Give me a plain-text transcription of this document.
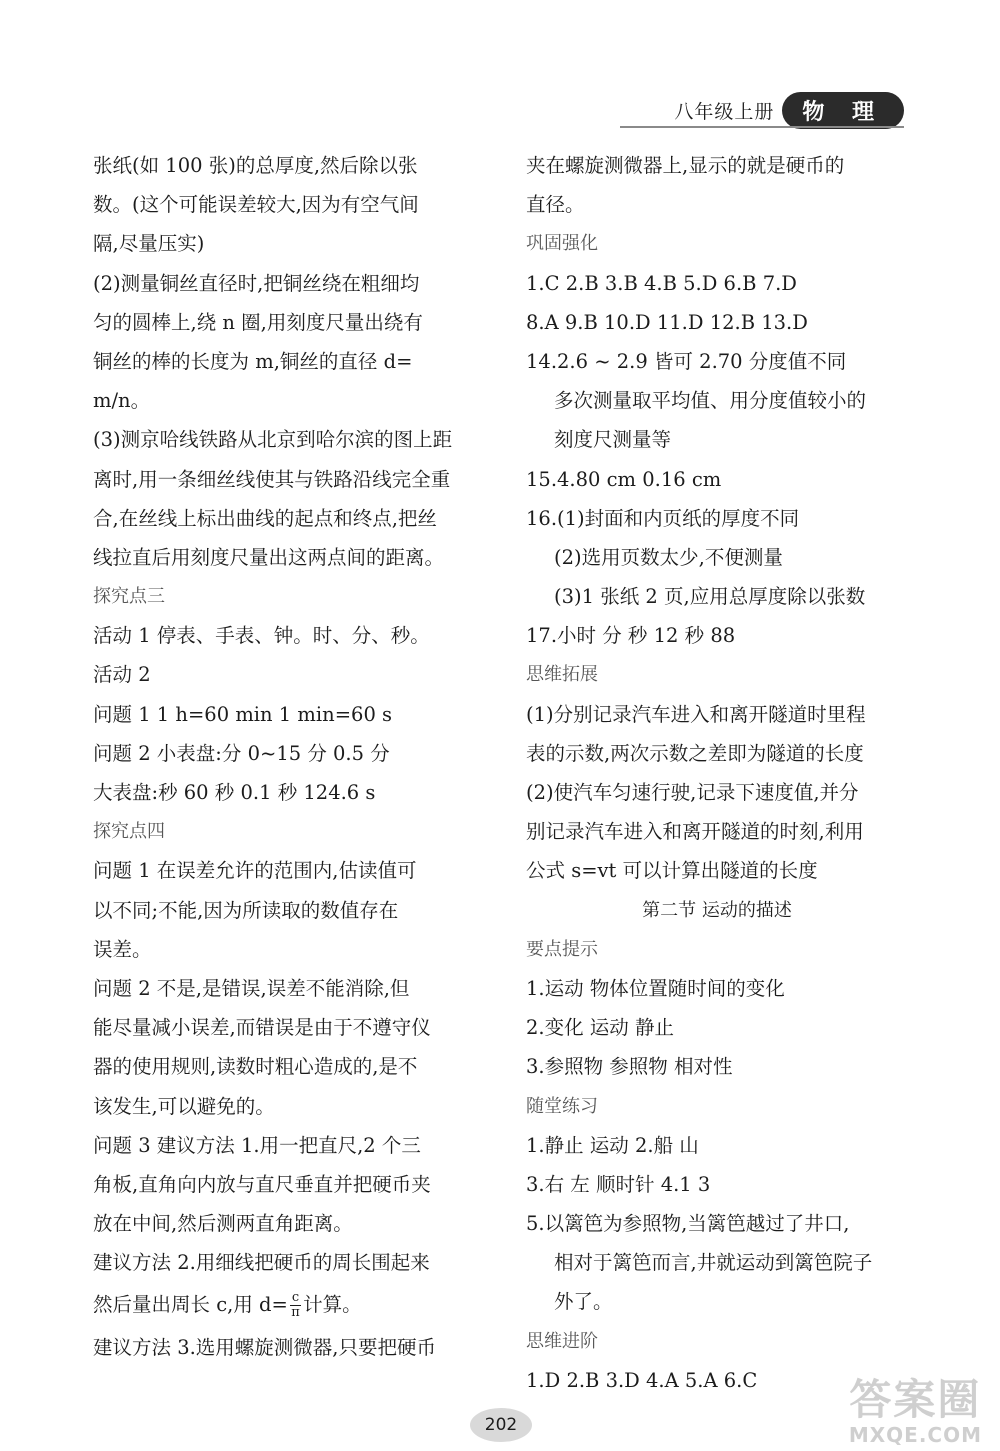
八年级上册	物 理
张纸(如 100 张)的总厚度,然后除以张
数。(这个可能误差较大,因为有空气间
隔,尽量压实)
(2)测量铜丝直径时,把铜丝绕在粗细均
匀的圆棒上,绕 n 圈,用刻度尺量出绕有
铜丝的棒的长度为 m,铜丝的直径 d=
m/n。
(3)测京哈线铁路从北京到哈尔滨的图上距
离时,用一条细丝线使其与铁路沿线完全重
合,在丝线上标出曲线的起点和终点,把丝
线拉直后用刻度尺量出这两点间的距离。
探究点三
活动 1 停表、手表、钟。时、分、秒。
活动 2
问题 1 1 h=60 min 1 min=60 s
问题 2 小表盘:分 0~15 分 0.5 分
大表盘:秒 60 秒 0.1 秒 124.6 s
探究点四
问题 1 在误差允许的范围内,估读值可
以不同;不能,因为所读取的数值存在
误差。
问题 2 不是,是错误,误差不能消除,但
能尽量减小误差,而错误是由于不遵守仪
器的使用规则,读数时粗心造成的,是不
该发生,可以避免的。
问题 3 建议方法 1.用一把直尺,2 个三
角板,直角向内放与直尺垂直并把硬币夹
放在中间,然后测两直角距离。
建议方法 2.用细线把硬币的周长围起来
然后量出周长 c,用 $d= \frac{c}{\pi}$ 计算。
建议方法 3.选用螺旋测微器,只要把硬币
夹在螺旋测微器上,显示的就是硬币的
直径。
巩固强化
1.C 2.B 3.B 4.B 5.D 6.B 7.D
8.A 9.B 10.D 11.D 12.B 13.D
14.2.6 ~ 2.9 皆可 2.70 分度值不同
多次测量取平均值、用分度值较小的
刻度尺测量等
15.4.80 cm 0.16 cm
16.(1)封面和内页纸的厚度不同
(2)选用页数太少,不便测量
(3)1 张纸 2 页,应用总厚度除以张数
17.小时 分 秒 12 秒 88
思维拓展
(1)分别记录汽车进入和离开隧道时里程
表的示数,两次示数之差即为隧道的长度
(2)使汽车匀速行驶,记录下速度值,并分
别记录汽车进入和离开隧道的时刻,利用
公式 s=vt 可以计算出隧道的长度
第二节 运动的描述
要点提示
1.运动 物体位置随时间的变化
2.变化 运动 静止
3.参照物 参照物 相对性
随堂练习
1.静止 运动 2.船 山
3.右 左 顺时针 4.1 3
5.以篱笆为参照物,当篱笆越过了井口,
相对于篱笆而言,井就运动到篱笆院子
外了。
思维进阶
1.D 2.B 3.D 4.A 5.A 6.C
202
答案圈
MXQE.COM
